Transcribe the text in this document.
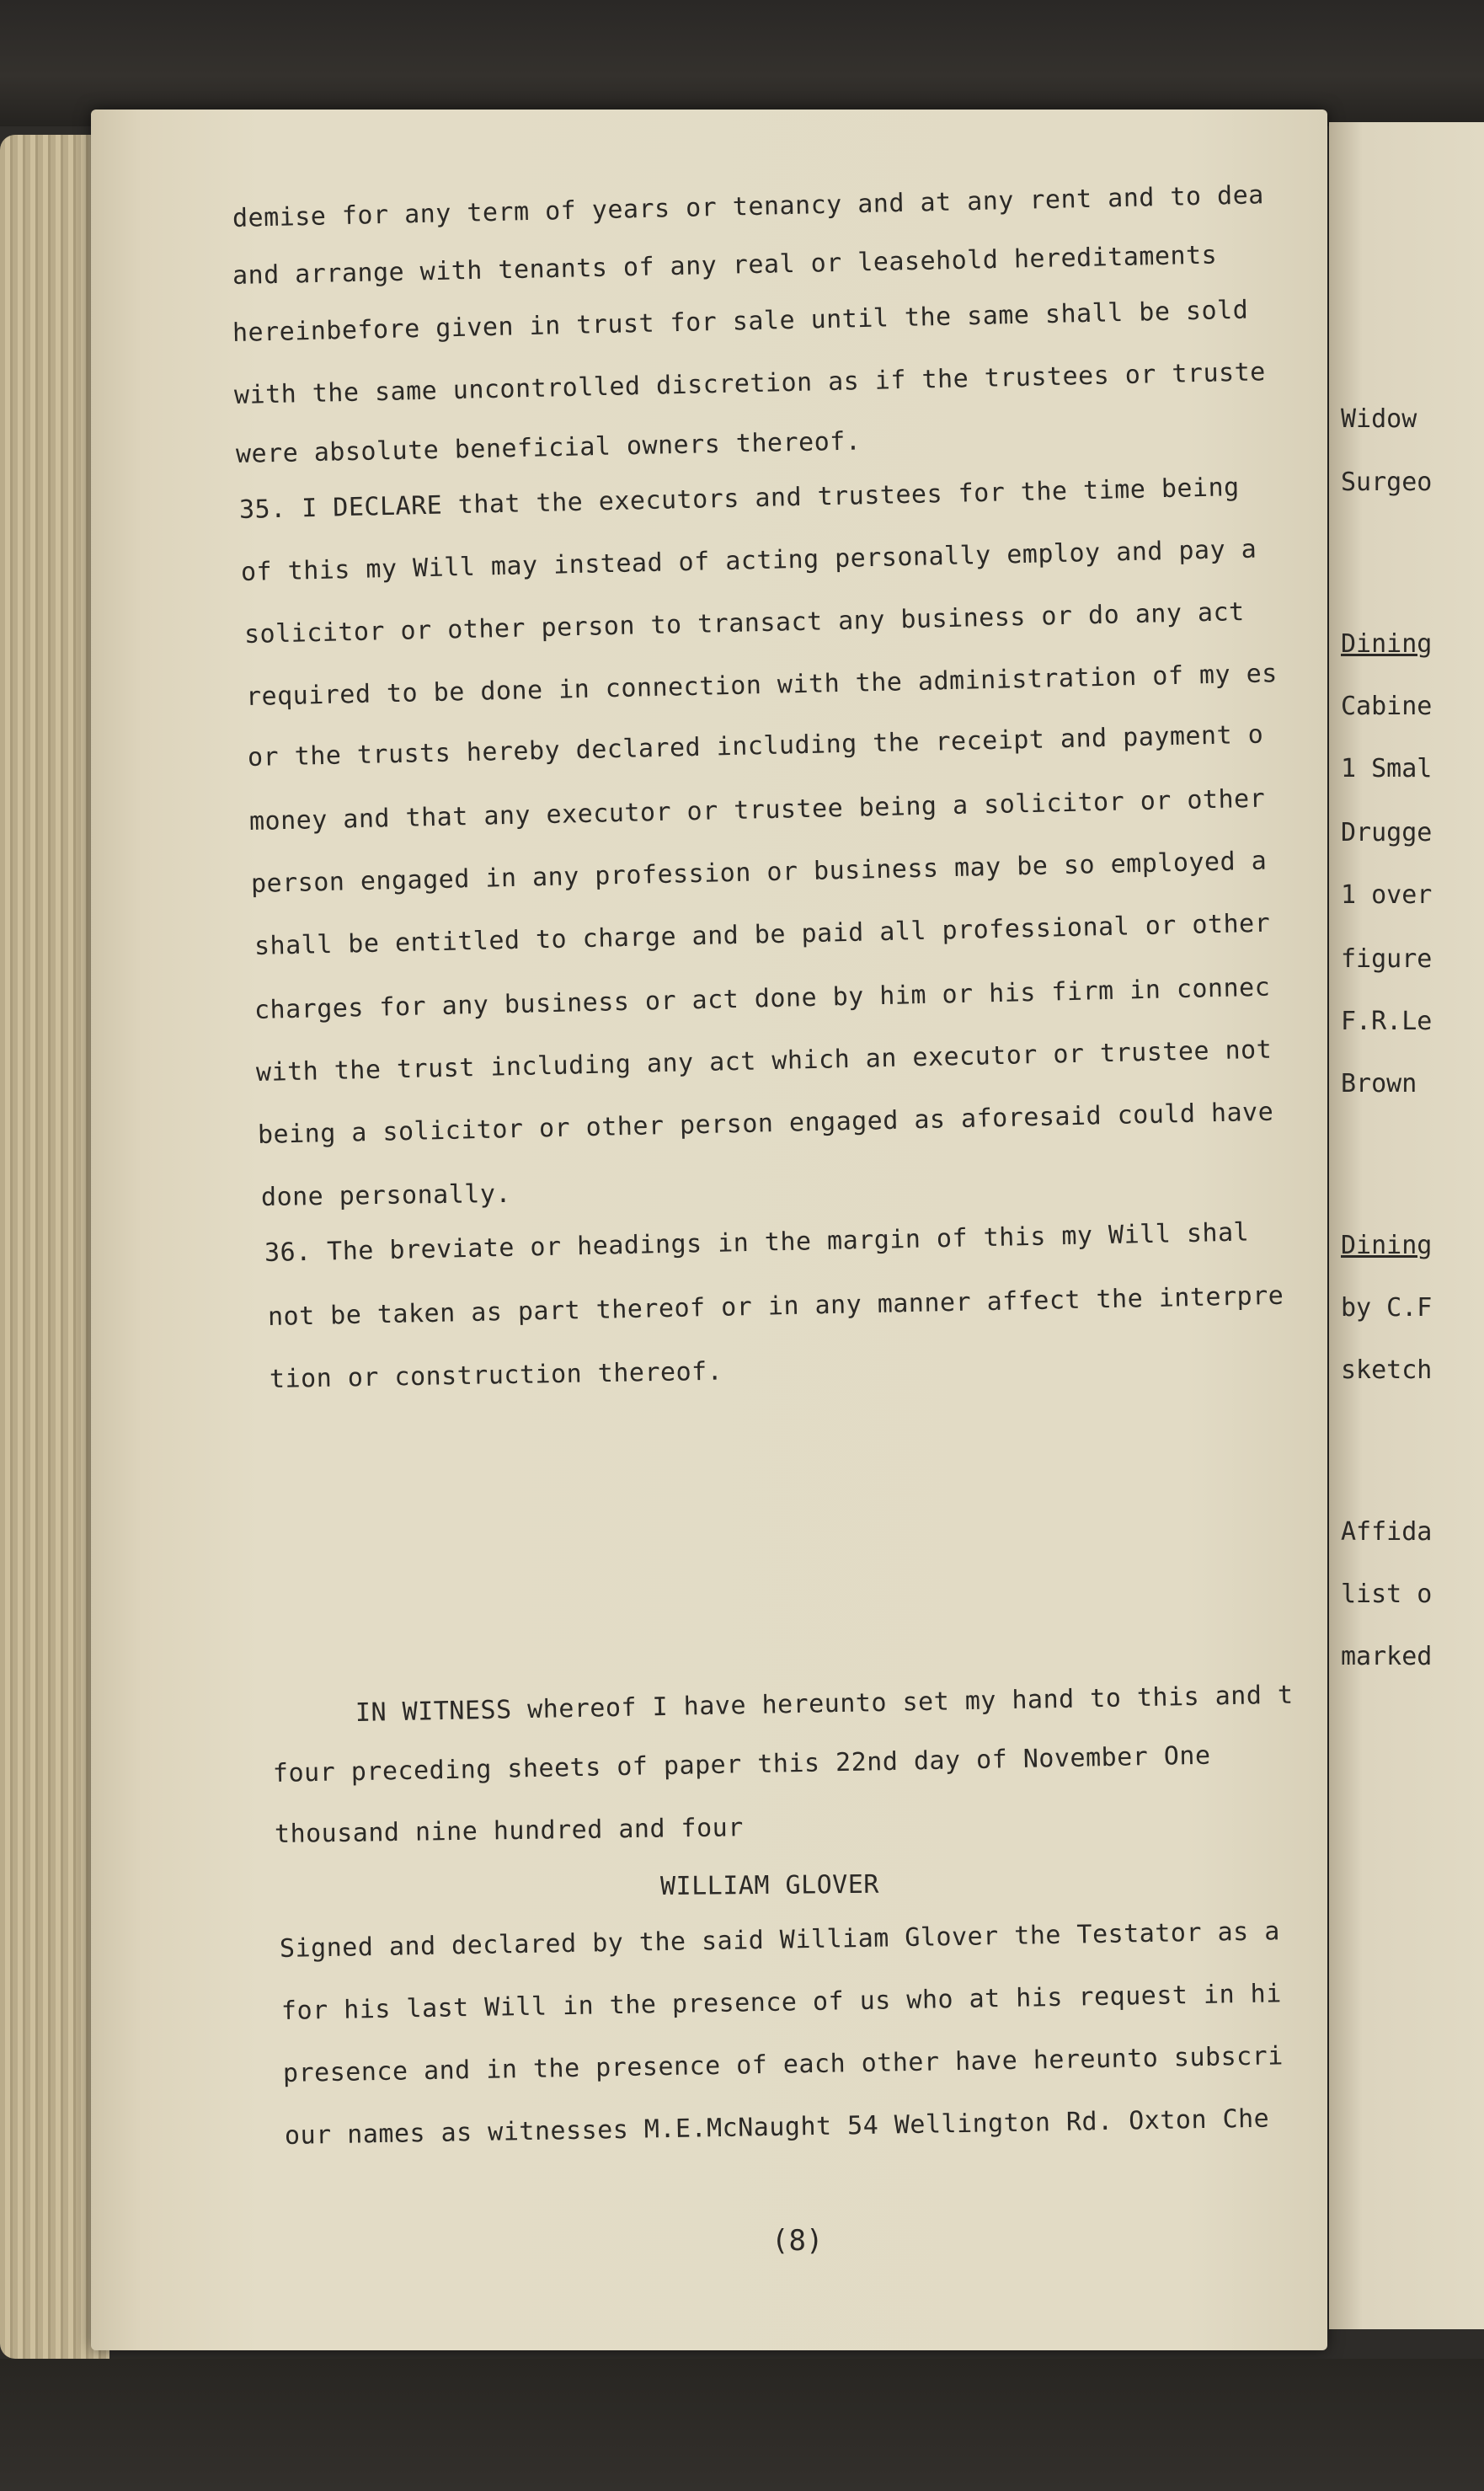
demise for any term of years or tenancy and at any rent and to dea
and arrange with tenants of any real or leasehold hereditaments
hereinbefore given in trust for sale until the same shall be sold
with the same uncontrolled discretion as if the trustees or truste
were absolute beneficial owners thereof.
35. I DECLARE that the executors and trustees for the time being
of this my Will may instead of acting personally employ and pay a
solicitor or other person to transact any business or do any act
required to be done in connection with the administration of my es
or the trusts hereby declared including the receipt and payment o
money and that any executor or trustee being a solicitor or other
person engaged in any profession or business may be so employed a
shall be entitled to charge and be paid all professional or other
charges for any business or act done by him or his firm in connec
with the trust including any act which an executor or trustee not
being a solicitor or other person engaged as aforesaid could have
done personally.
36. The breviate or headings in the margin of this my Will shal
not be taken as part thereof or in any manner affect the interpre
tion or construction thereof.
IN WITNESS whereof I have hereunto set my hand to this and t
four preceding sheets of paper this 22nd day of November One
thousand nine hundred and four
WILLIAM GLOVER
Signed and declared by the said William Glover the Testator as a
for his last Will in the presence of us who at his request in hi
presence and in the presence of each other have hereunto subscri
our names as witnesses M.E.McNaught 54 Wellington Rd. Oxton Che
(8)
Widow
Surgeo
Dining
Cabine
1 Smal
Drugge
1 over
figure
F.R.Le
Brown
Dining
by C.F
sketch
Affida
list o
marked
